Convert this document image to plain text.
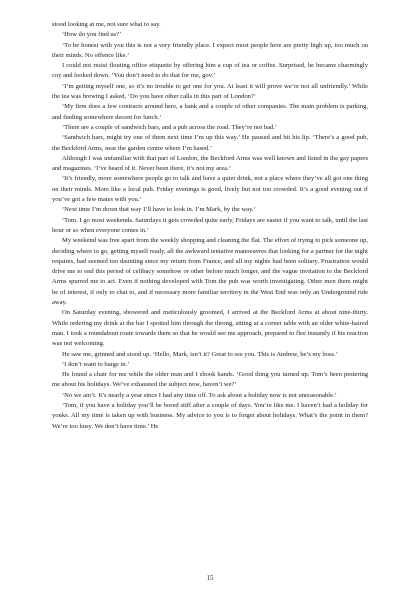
stood looking at me, not sure what to say.

‘How do you find us?’

‘To be honest with you this is not a very friendly place. I expect most people here are pretty high up, too much on their minds. No offence like.’

I could not resist flouting office etiquette by offering him a cup of tea or coffee. Surprised, he became charmingly coy and looked down. ‘You don’t need to do that for me, gov.’

‘I’m getting myself one, so it’s no trouble to get one for you. At least it will prove we’re not all unfriendly.’ While the tea was brewing I asked, ‘Do you have other calls in this part of London?’

‘My firm does a few contracts around here, a bank and a couple of other companies. The main problem is parking, and finding somewhere decent for lunch.’

‘There are a couple of sandwich bars, and a pub across the road. They’re not bad.’

‘Sandwich bars, might try one of them next time I’m up this way.’ He paused and bit his lip. ‘There’s a good pub, the Beckford Arms, near the garden centre where I’m based.’

Although I was unfamiliar with that part of London, the Beckford Arms was well known and listed in the gay papers and magazines. ‘I’ve heard of it. Never been there, it’s not my area.’

‘It’s friendly, more somewhere people go to talk and have a quiet drink, not a place where they’ve all got one thing on their minds. More like a local pub. Friday evenings is good, lively but not too crowded. It’s a good evening out if you’ve got a few mates with you.’

‘Next time I’m down that way I’ll have to look in. I’m Mark, by the way.’

‘Tom. I go most weekends. Saturdays it gets crowded quite early, Fridays are easier if you want to talk, until the last hour or so when everyone comes in.’

My weekend was free apart from the weekly shopping and cleaning the flat. The effort of trying to pick someone up, deciding where to go, getting myself ready, all the awkward tentative manoeuvres that looking for a partner for the night requires, had seemed too daunting since my return from France, and all my nights had been solitary. Frustration would drive me to end this period of celibacy somehow or other before much longer, and the vague invitation to the Beckford Arms spurred me to act. Even if nothing developed with Tom the pub was worth investigating. Other men there might be of interest, if only to chat to, and if necessary more familiar territory in the West End was only an Underground ride away.

On Saturday evening, showered and meticulously groomed, I arrived at the Beckford Arms at about nine-thirty. While ordering my drink at the bar I spotted him through the throng, sitting at a corner table with an older white-haired man. I took a roundabout route towards them so that he would see me approach, prepared to flee instantly if his reaction was not welcoming.

He saw me, grinned and stood up. ‘Hello, Mark, isn’t it? Great to see you. This is Andrew, he’s my boss.’

‘I don’t want to barge in.’

He found a chair for me while the older man and I shook hands. ‘Good thing you turned up. Tom’s been pestering me about his holidays. We’ve exhausted the subject now, haven’t we?’

‘No we ain’t. It’s nearly a year since I had any time off. To ask about a holiday now is not unreasonable.’

‘Tom, if you have a holiday you’ll be bored stiff after a couple of days. You’re like me. I haven’t had a holiday for yonks. All my time is taken up with business. My advice to you is to forget about holidays. What’s the point in them? We’re too busy. We don’t have time.’ He

15
